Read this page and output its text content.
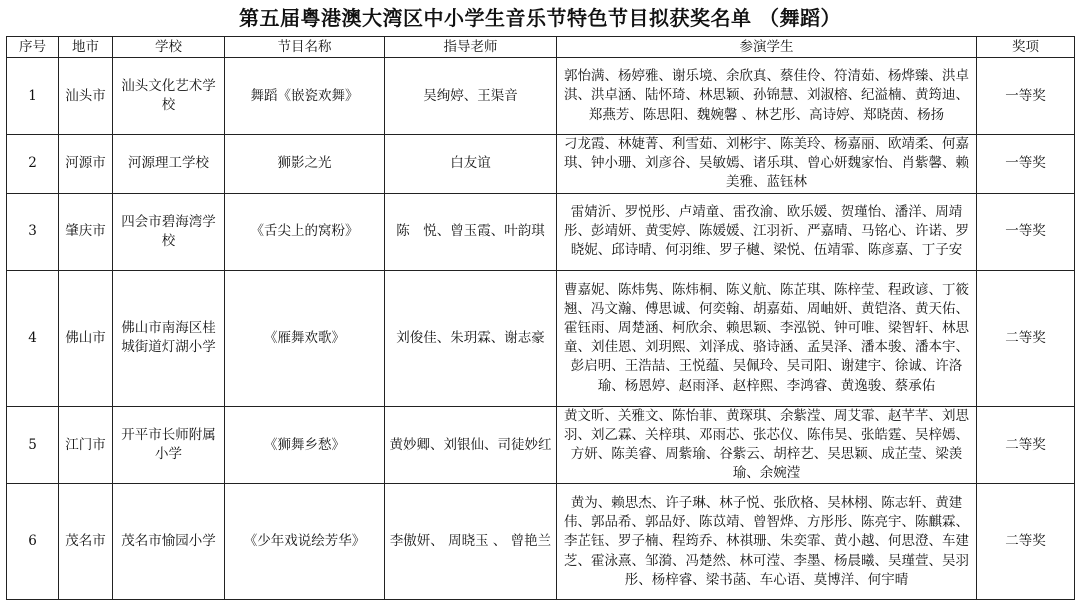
第五届粤港澳大湾区中小学生音乐节特色节目拟获奖名单 （舞蹈）
序号	地市	学校	节目名称	指导老师	参演学生	奖项
1	汕头市	汕头文化艺术学校	舞蹈《嵌瓷欢舞》	吴绚婷、王渠音	郭怡满、杨婷雅、谢乐境、余欣真、蔡佳伶、符清茹、杨烨臻、洪卓淇、洪卓涵、陆怀琦、林思颖、孙锦慧、刘淑榕、纪溢楠、黄筠迪、郑燕芳、陈思阳、魏婉馨 、林艺彤、高诗婷、郑晓茵、杨扬	一等奖
2	河源市	河源理工学校	狮影之光	白友谊	刁龙霞、林婕菁、利雪茹、刘彬宇、陈美玲、杨嘉丽、欧靖柔、何嘉琪、钟小珊、刘彦谷、吴敏嫣、诸乐琪、曾心妍魏家怡、肖紫馨、赖美雅、蓝钰林	一等奖
3	肇庆市	四会市碧海湾学校	《舌尖上的窝粉》	陈　悦、曾玉霞、叶韵琪	雷婧沂、罗悦彤、卢靖童、雷孜渝、欧乐媛、贺瑾怡、潘洋、周靖彤、彭靖妍、黄雯婷、陈媛媛、江羽祈、严嘉晴、马铭心、许诺、罗晓妮、邱诗晴、何羽维、罗子樾、梁悦、伍靖霏、陈彦嘉、丁子安	一等奖
4	佛山市	佛山市南海区桂城街道灯湖小学	《雁舞欢歌》	刘俊佳、朱玥霖、谢志豪	曹嘉妮、陈炜隽、陈炜桐、陈义航、陈芷琪、陈梓莹、程政谚、丁筱翘、冯文瀚、傅思诚、何奕翰、胡嘉茹、周岫妍、黄铠洛、黄天佑、霍钰雨、周楚涵、柯欣余、赖思颖、李泓锐、钟可唯、梁智轩、林思童、刘佳恩、刘玥熙、刘泽成、骆诗涵、孟昊泽、潘本骏、潘本宇、彭启明、王浩喆、王悦蕴、吴佩玲、吴司阳、谢建宇、徐诚、许洛瑜、杨恩婷、赵雨泽、赵梓熙、李鸿睿、黄逸骏、蔡承佑	二等奖
5	江门市	开平市长师附属小学	《狮舞乡愁》	黄妙卿、刘银仙、司徒妙红	黄文昕、关雅文、陈怡菲、黄琛琪、余紫滢、周艾霏、赵芊芊、刘思羽、刘乙霖、关梓琪、邓雨芯、张芯仪、陈伟昊、张皓霆、吴梓嫣、方妍、陈美睿、周紫瑜、谷紫云、胡梓艺、吴思颖、成芷莹、梁羡瑜、余婉滢	二等奖
6	茂名市	茂名市愉园小学	《少年戏说绘芳华》	李傲妍、 周晓玉 、 曾艳兰	黄为、赖思杰、许子琳、林子悦、张欣格、吴林栩、陈志轩、黄建伟、郭品希、郭品妤、陈苡靖、曾智烨、方彤彤、陈亮宇、陈麒霖、李芷钰、罗子楠、程筠乔、林祺珊、朱奕霏、黄小越、何思澄、车建芝、霍泳熹、邹漪、冯楚然、林可滢、李墨、杨晨曦、吴瑾萱、吴羽彤、杨梓睿、梁书菡、车心语、莫博洋、何宇晴	二等奖
